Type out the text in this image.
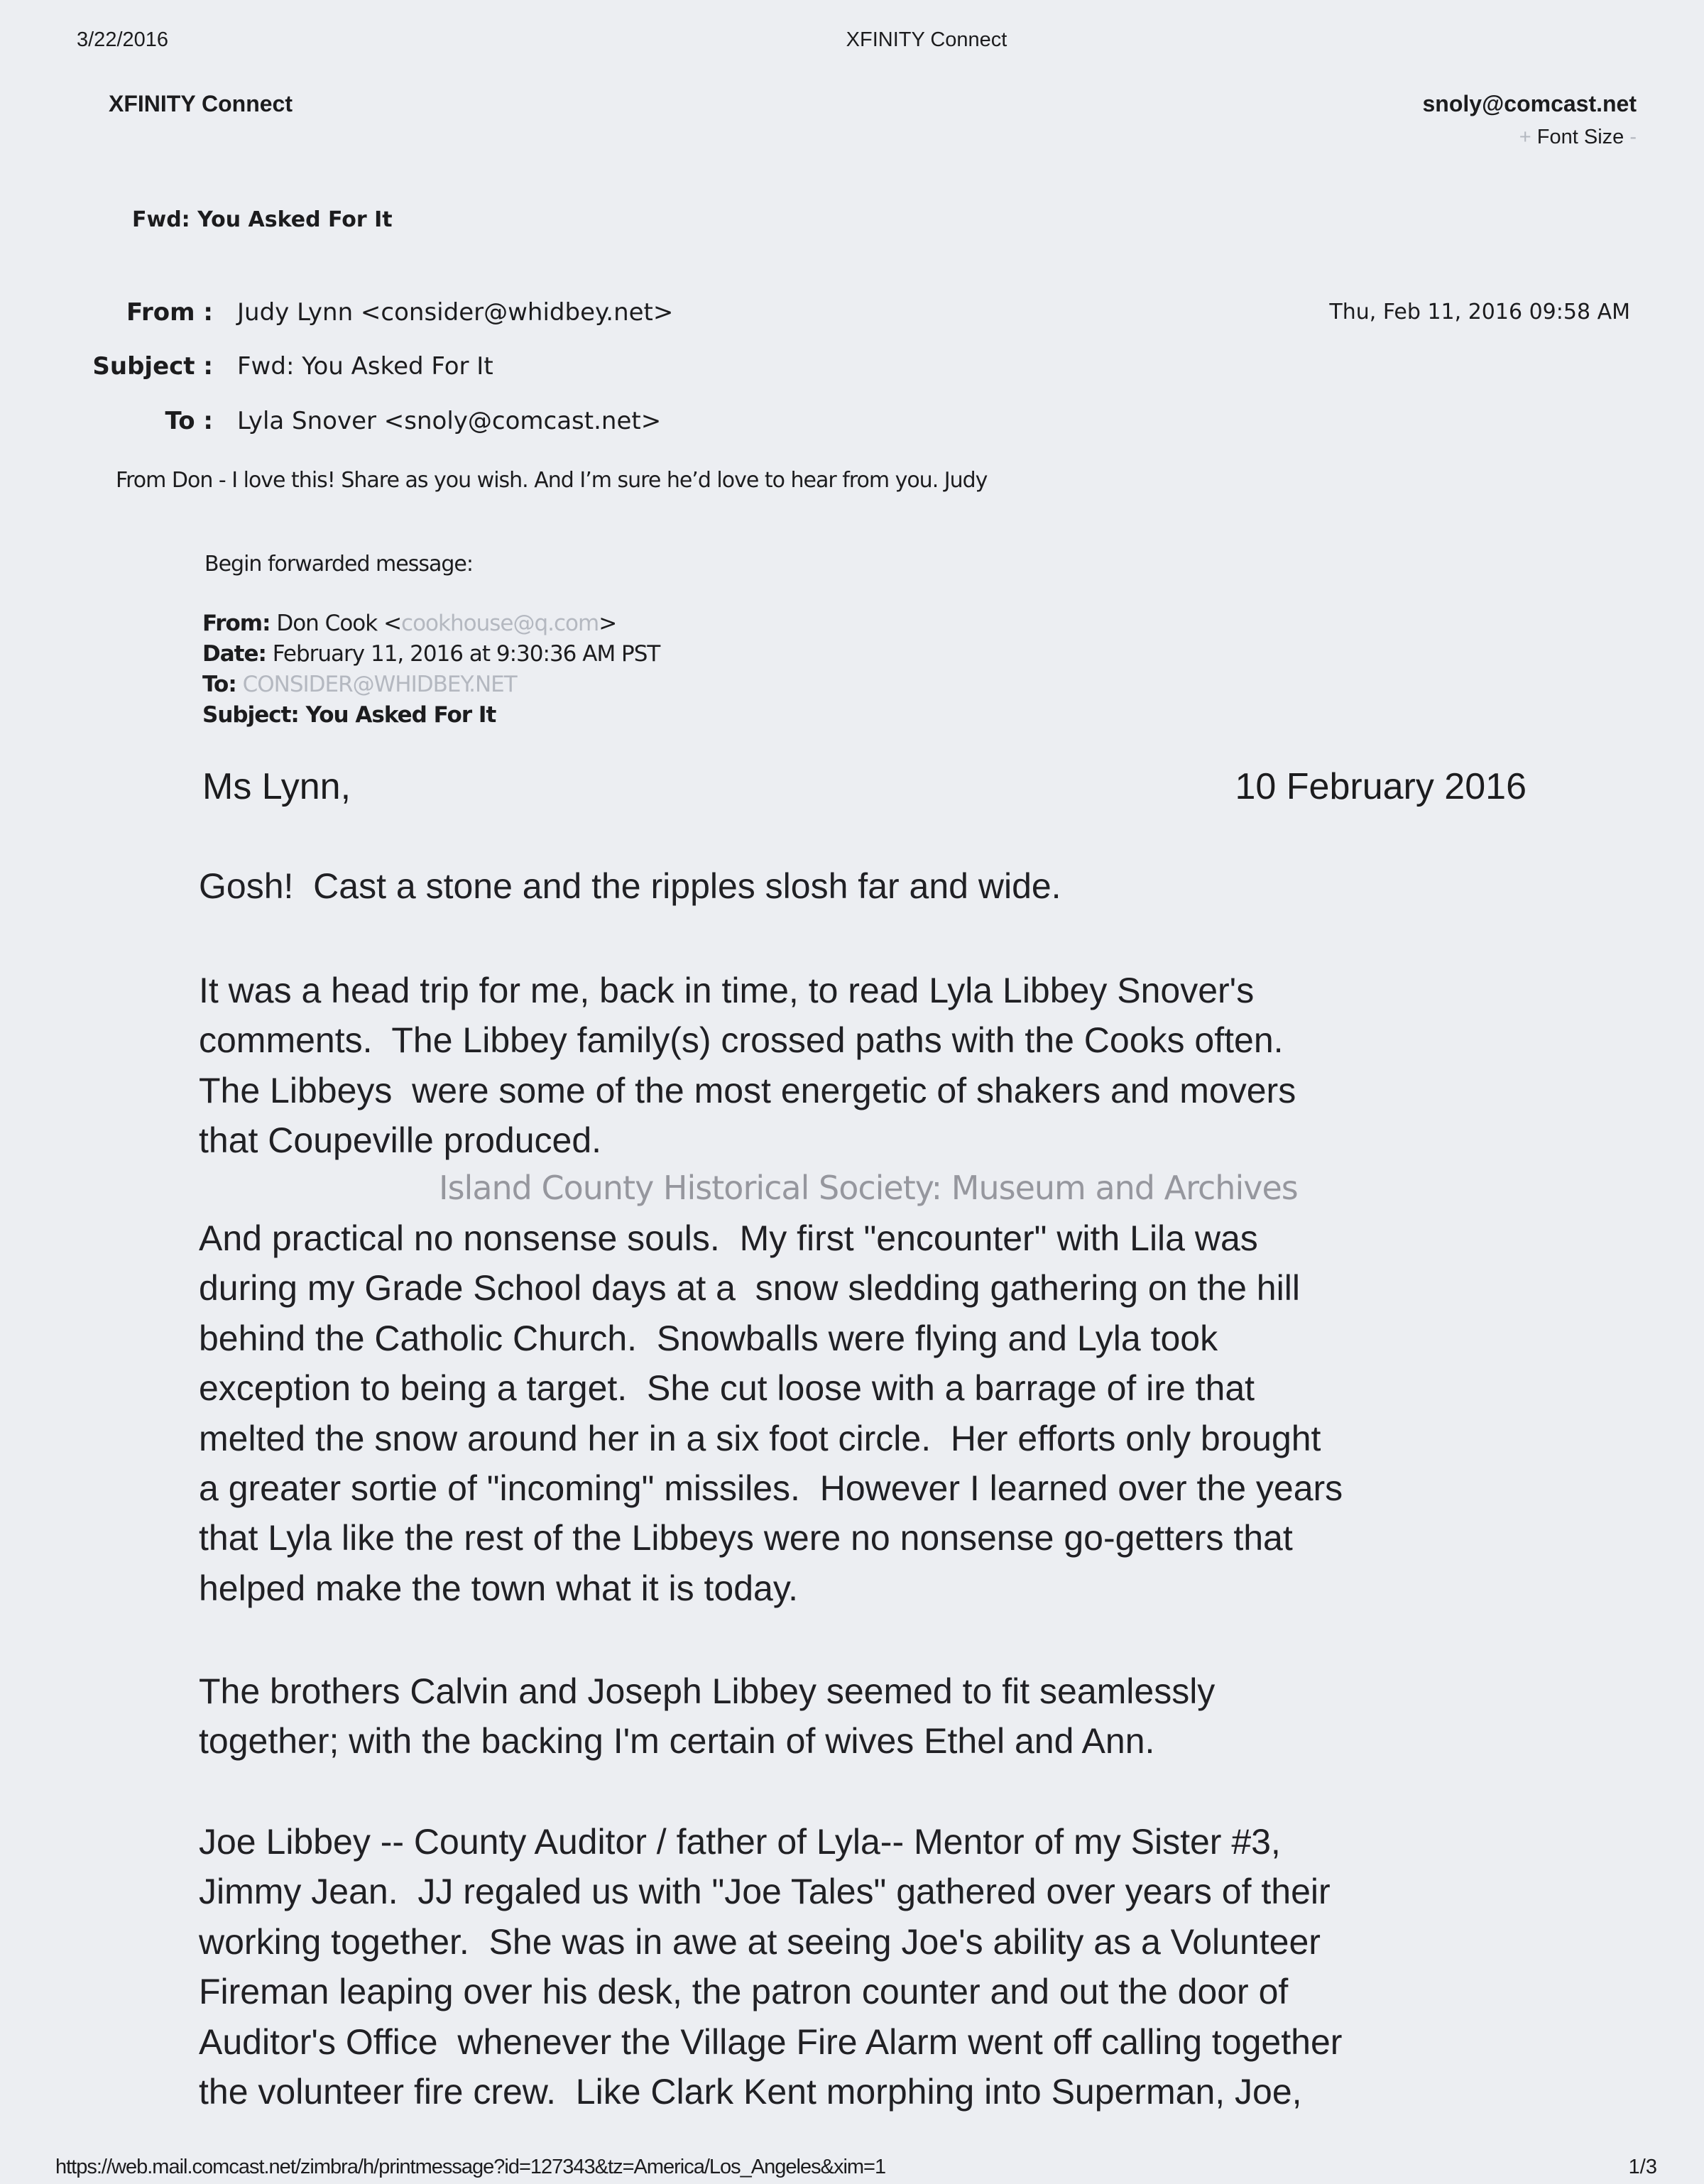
3/22/2016	XFINITY Connect
XFINITY Connect	snoly@comcast.net
+ Font Size -
Fwd: You Asked For It
From : Judy Lynn <consider@whidbey.net>	Thu, Feb 11, 2016 09:58 AM
Subject : Fwd: You Asked For It
To : Lyla Snover <snoly@comcast.net>
From Don - I love this! Share as you wish. And I’m sure he’d love to hear from you. Judy
Begin forwarded message:
From: Don Cook <cookhouse@q.com>
Date: February 11, 2016 at 9:30:36 AM PST
To: CONSIDER@WHIDBEY.NET
Subject: You Asked For It
Ms Lynn,	10 February 2016
Gosh!  Cast a stone and the ripples slosh far and wide.
It was a head trip for me, back in time, to read Lyla Libbey Snover's
comments.  The Libbey family(s) crossed paths with the Cooks often.
The Libbeys  were some of the most energetic of shakers and movers
that Coupeville produced.
Island County Historical Society: Museum and Archives
And practical no nonsense souls.  My first "encounter" with Lila was
during my Grade School days at a  snow sledding gathering on the hill
behind the Catholic Church.  Snowballs were flying and Lyla took
exception to being a target.  She cut loose with a barrage of ire that
melted the snow around her in a six foot circle.  Her efforts only brought
a greater sortie of "incoming" missiles.  However I learned over the years
that Lyla like the rest of the Libbeys were no nonsense go-getters that
helped make the town what it is today.
The brothers Calvin and Joseph Libbey seemed to fit seamlessly
together; with the backing I'm certain of wives Ethel and Ann.
Joe Libbey -- County Auditor / father of Lyla-- Mentor of my Sister #3,
Jimmy Jean.  JJ regaled us with "Joe Tales" gathered over years of their
working together.  She was in awe at seeing Joe's ability as a Volunteer
Fireman leaping over his desk, the patron counter and out the door of
Auditor's Office  whenever the Village Fire Alarm went off calling together
the volunteer fire crew.  Like Clark Kent morphing into Superman, Joe,
https://web.mail.comcast.net/zimbra/h/printmessage?id=127343&tz=America/Los_Angeles&xim=1	1/3
